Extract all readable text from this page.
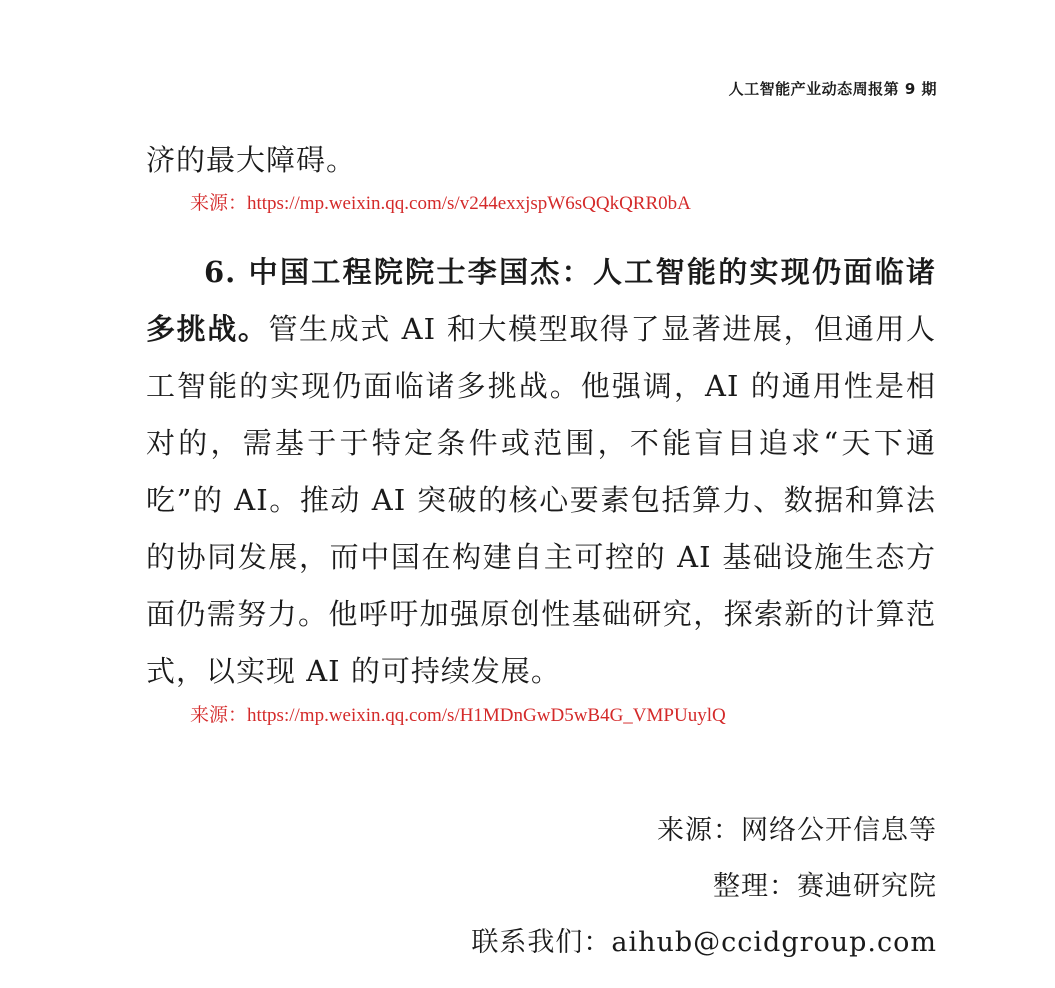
人工智能产业动态周报第 9 期
济的最大障碍。
来源：https://mp.weixin.qq.com/s/v244exxjspW6sQQkQRR0bA
6. 中国工程院院士李国杰：人工智能的实现仍面临诸多挑战。管生成式 AI 和大模型取得了显著进展，但通用人工智能的实现仍面临诸多挑战。他强调，AI 的通用性是相对的，需基于于特定条件或范围，不能盲目追求“天下通吃”的 AI。推动 AI 突破的核心要素包括算力、数据和算法的协同发展，而中国在构建自主可控的 AI 基础设施生态方面仍需努力。他呼吁加强原创性基础研究，探索新的计算范式，以实现 AI 的可持续发展。
来源：https://mp.weixin.qq.com/s/H1MDnGwD5wB4G_VMPUuylQ
来源：网络公开信息等
整理：赛迪研究院
联系我们：aihub@ccidgroup.com
